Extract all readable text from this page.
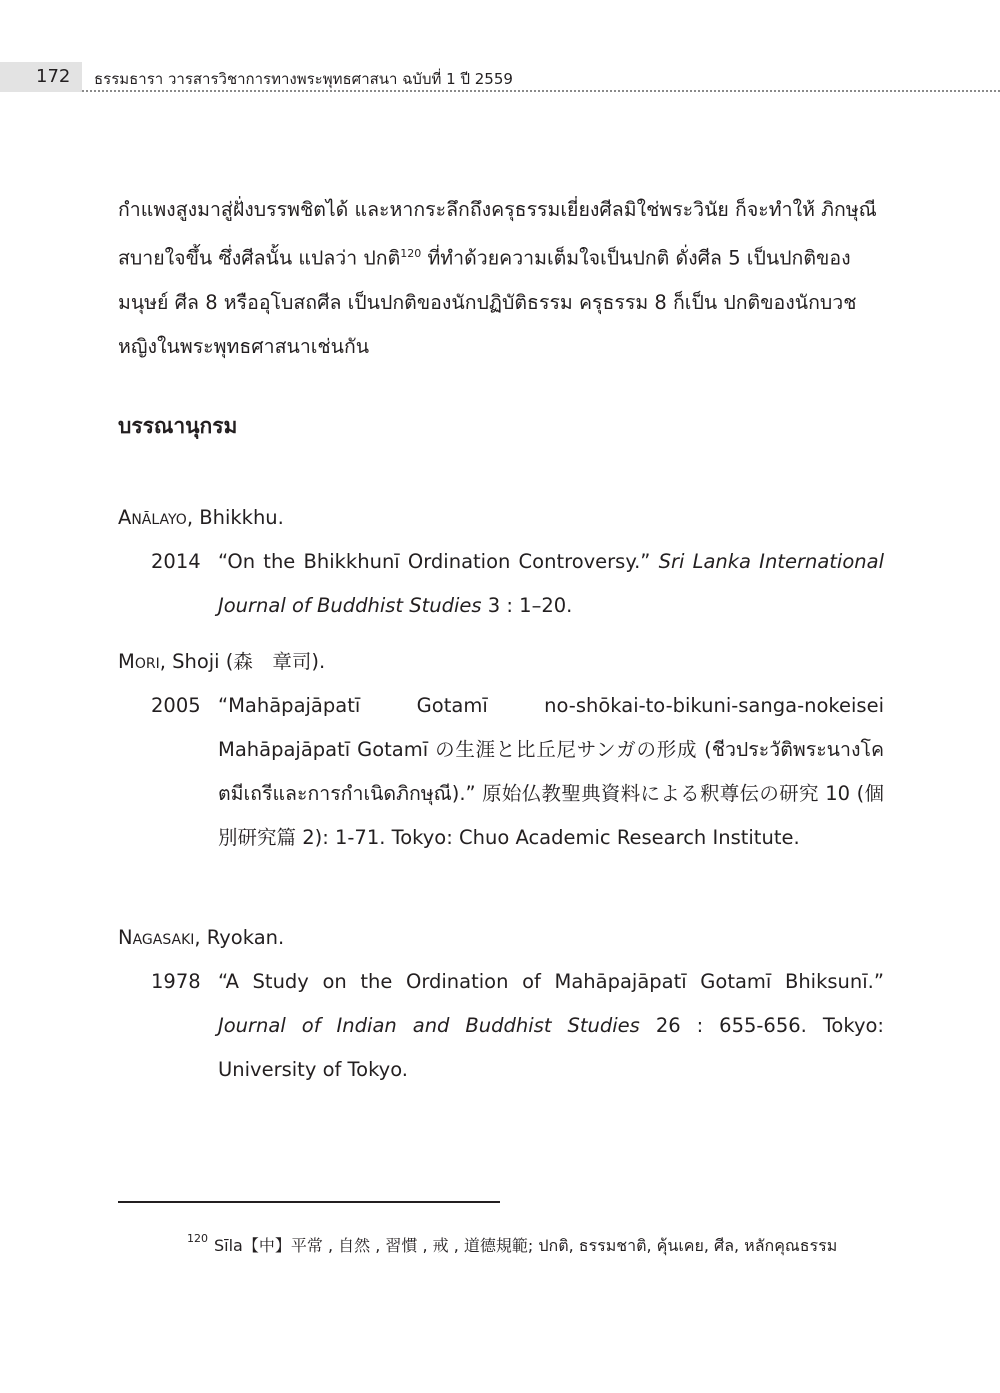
172 ธรรมธารา วารสารวิชาการทางพระพุทธศาสนา ฉบับที่ 1 ปี 2559

กำแพงสูงมาสู่ฝั่งบรรพชิตได้ และหากระลึกถึงครุธรรมเยี่ยงศีลมิใช่พระวินัย ก็จะทำให้ ภิกษุณีสบายใจขึ้น ซึ่งศีลนั้น แปลว่า ปกติ$^{120}$ ที่ทำด้วยความเต็มใจเป็นปกติ ดั่งศีล 5 เป็นปกติของมนุษย์ ศีล 8 หรืออุโบสถศีล เป็นปกติของนักปฏิบัติธรรม ครุธรรม 8 ก็เป็น ปกติของนักบวชหญิงในพระพุทธศาสนาเช่นกัน

บรรณานุกรม

Anālayo, Bhikkhu.

2014 “On the Bhikkhunī Ordination Controversy.” Sri Lanka International Journal of Buddhist Studies 3 : 1–20.

Mori, Shoji (森　章司).

2005 “Mahāpajāpatī Gotamī no-shōkai-to-bikuni-sanga-nokeisei Mahāpajāpatī Gotamī の生涯と比丘尼サンガの形成 (ชีวประวัติพระนางโคตมีเถรีและการกำเนิดภิกษุณี).” 原始仏教聖典資料による釈尊伝の研究 10 (個別研究篇 2): 1-71. Tokyo: Chuo Academic Research Institute.

Nagasaki, Ryokan.

1978 “A Study on the Ordination of Mahāpajāpatī Gotamī Bhiksunī.” Journal of Indian and Buddhist Studies 26 : 655-656. Tokyo: University of Tokyo.

120 Sīla【中】平常 , 自然 , 習慣 , 戒 , 道德規範; ปกติ, ธรรมชาติ, คุ้นเคย, ศีล, หลักคุณธรรม
